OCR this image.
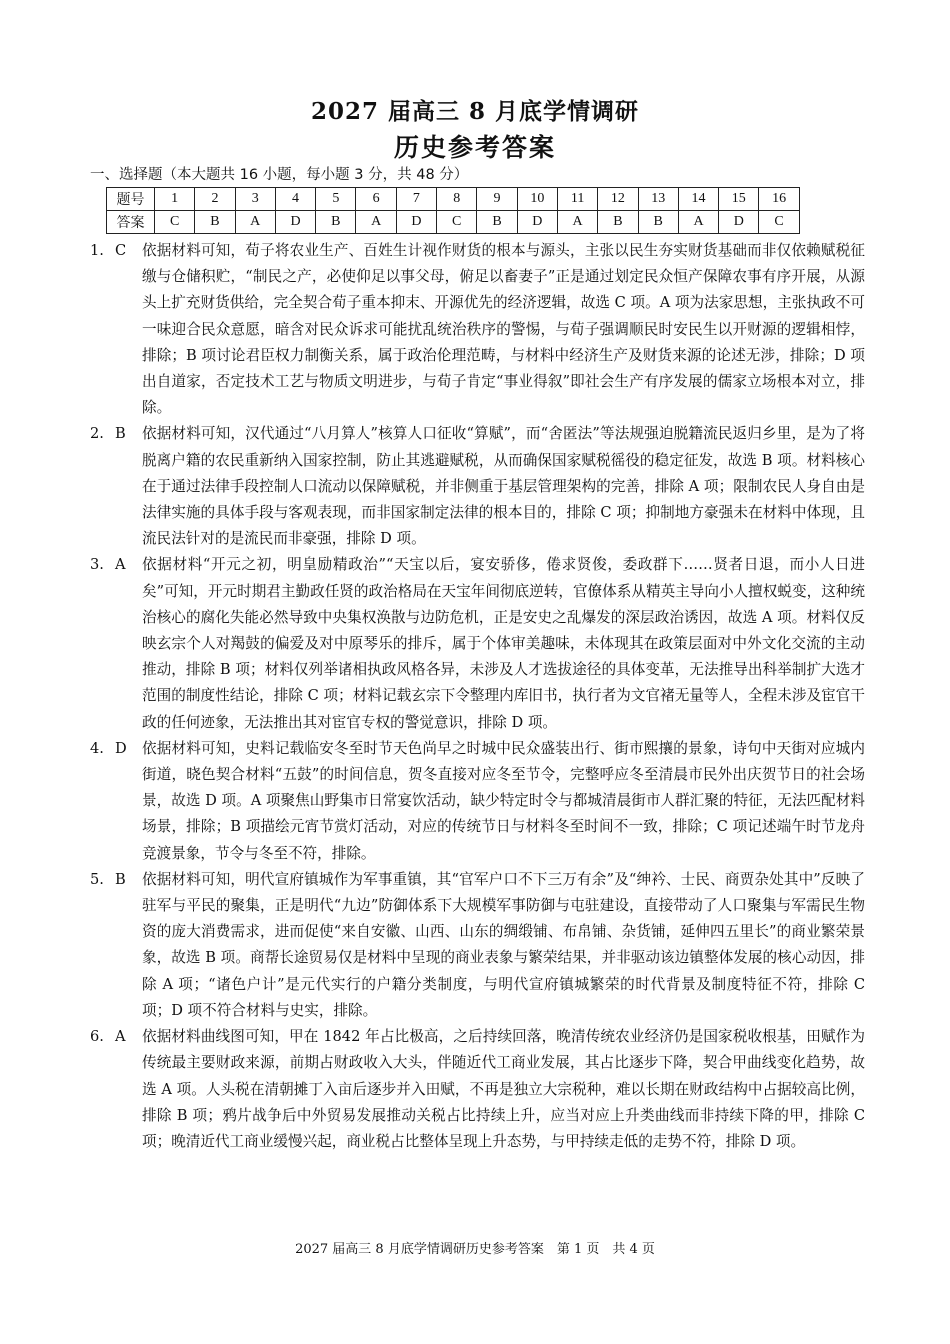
2027 届高三 8 月底学情调研
历史参考答案
一、选择题（本大题共 16 小题，每小题 3 分，共 48 分）
题号	1	2	3	4	5	6	7	8	9	10	11	12	13	14	15	16
答案	C	B	A	D	B	A	D	C	B	D	A	B	B	A	D	C
1. C 依据材料可知，荀子将农业生产、百姓生计视作财货的根本与源头，主张以民生夯实财货基础而非仅依赖赋税征缴与仓储积贮，“制民之产，必使仰足以事父母，俯足以畜妻子”正是通过划定民众恒产保障农事有序开展，从源头上扩充财货供给，完全契合荀子重本抑末、开源优先的经济逻辑，故选 C 项。A 项为法家思想，主张执政不可一味迎合民众意愿，暗含对民众诉求可能扰乱统治秩序的警惕，与荀子强调顺民时安民生以开财源的逻辑相悖，排除；B 项讨论君臣权力制衡关系，属于政治伦理范畴，与材料中经济生产及财货来源的论述无涉，排除；D 项出自道家，否定技术工艺与物质文明进步，与荀子肯定“事业得叙”即社会生产有序发展的儒家立场根本对立，排除。
2. B 依据材料可知，汉代通过“八月算人”核算人口征收“算赋”，而“舍匿法”等法规强迫脱籍流民返归乡里，是为了将脱离户籍的农民重新纳入国家控制，防止其逃避赋税，从而确保国家赋税徭役的稳定征发，故选 B 项。材料核心在于通过法律手段控制人口流动以保障赋税，并非侧重于基层管理架构的完善，排除 A 项；限制农民人身自由是法律实施的具体手段与客观表现，而非国家制定法律的根本目的，排除 C 项；抑制地方豪强未在材料中体现，且流民法针对的是流民而非豪强，排除 D 项。
3. A 依据材料“开元之初，明皇励精政治”“天宝以后，宴安骄侈，倦求贤俊，委政群下……贤者日退，而小人日进矣”可知，开元时期君主勤政任贤的政治格局在天宝年间彻底逆转，官僚体系从精英主导向小人擅权蜕变，这种统治核心的腐化失能必然导致中央集权涣散与边防危机，正是安史之乱爆发的深层政治诱因，故选 A 项。材料仅反映玄宗个人对羯鼓的偏爱及对中原琴乐的排斥，属于个体审美趣味，未体现其在政策层面对中外文化交流的主动推动，排除 B 项；材料仅列举诸相执政风格各异，未涉及人才选拔途径的具体变革，无法推导出科举制扩大选才范围的制度性结论，排除 C 项；材料记载玄宗下令整理内库旧书，执行者为文官褚无量等人，全程未涉及宦官干政的任何迹象，无法推出其对宦官专权的警觉意识，排除 D 项。
4. D 依据材料可知，史料记载临安冬至时节天色尚早之时城中民众盛装出行、街市熙攘的景象，诗句中天街对应城内街道，晓色契合材料“五鼓”的时间信息，贺冬直接对应冬至节令，完整呼应冬至清晨市民外出庆贺节日的社会场景，故选 D 项。A 项聚焦山野集市日常宴饮活动，缺少特定时令与都城清晨街市人群汇聚的特征，无法匹配材料场景，排除；B 项描绘元宵节赏灯活动，对应的传统节日与材料冬至时间不一致，排除；C 项记述端午时节龙舟竞渡景象，节令与冬至不符，排除。
5. B 依据材料可知，明代宣府镇城作为军事重镇，其“官军户口不下三万有余”及“绅衿、士民、商贾杂处其中”反映了驻军与平民的聚集，正是明代“九边”防御体系下大规模军事防御与屯驻建设，直接带动了人口聚集与军需民生物资的庞大消费需求，进而促使“来自安徽、山西、山东的绸缎铺、布帛铺、杂货铺，延伸四五里长”的商业繁荣景象，故选 B 项。商帮长途贸易仅是材料中呈现的商业表象与繁荣结果，并非驱动该边镇整体发展的核心动因，排除 A 项；“诸色户计”是元代实行的户籍分类制度，与明代宣府镇城繁荣的时代背景及制度特征不符，排除 C 项；D 项不符合材料与史实，排除。
6. A 依据材料曲线图可知，甲在 1842 年占比极高，之后持续回落，晚清传统农业经济仍是国家税收根基，田赋作为传统最主要财政来源，前期占财政收入大头，伴随近代工商业发展，其占比逐步下降，契合甲曲线变化趋势，故选 A 项。人头税在清朝摊丁入亩后逐步并入田赋，不再是独立大宗税种，难以长期在财政结构中占据较高比例，排除 B 项；鸦片战争后中外贸易发展推动关税占比持续上升，应当对应上升类曲线而非持续下降的甲，排除 C 项；晚清近代工商业缓慢兴起，商业税占比整体呈现上升态势，与甲持续走低的走势不符，排除 D 项。
2027 届高三 8 月底学情调研历史参考答案　第 1 页　共 4 页
